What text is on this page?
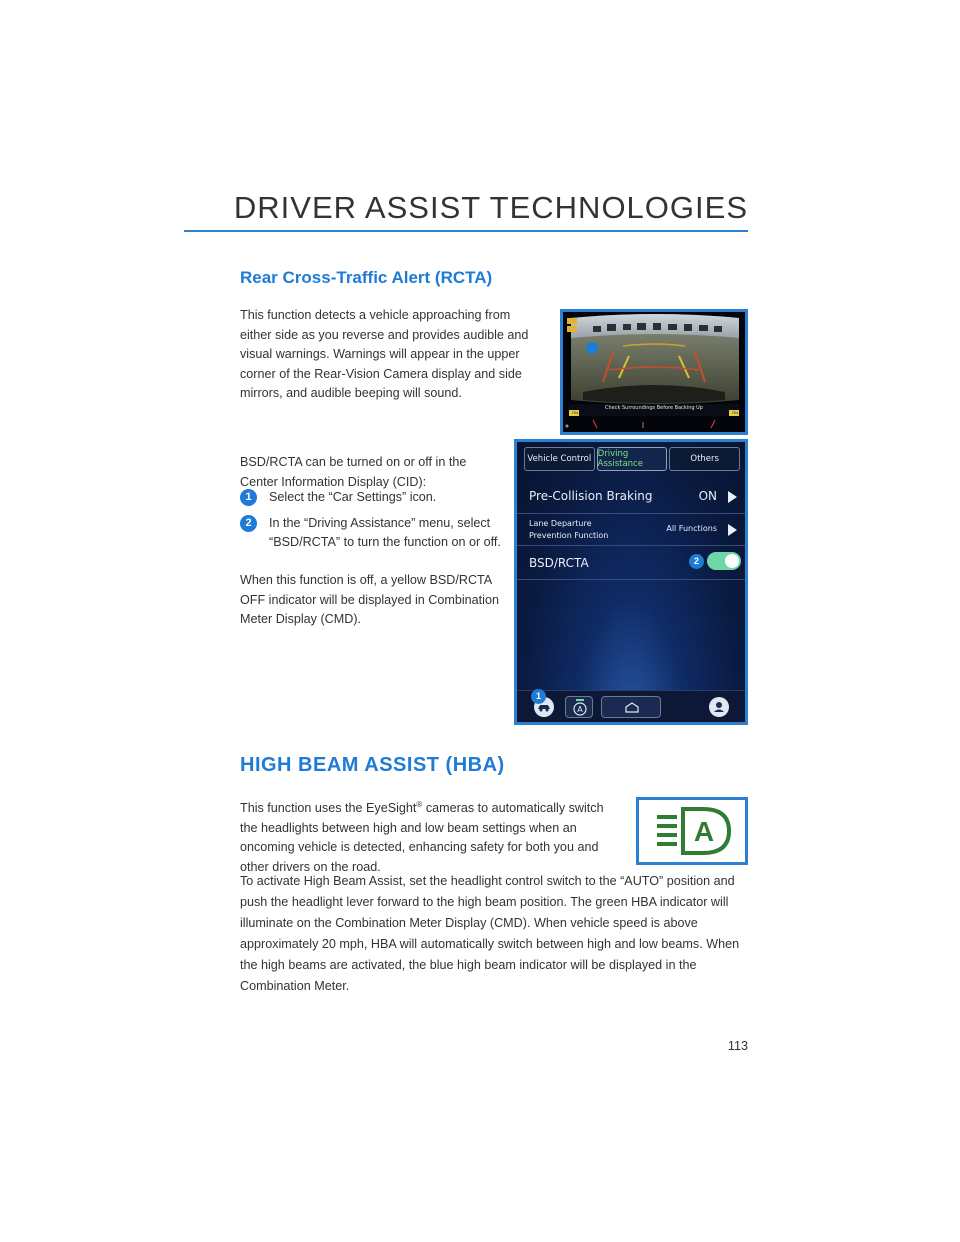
DRIVER ASSIST TECHNOLOGIES
Rear Cross-Traffic Alert (RCTA)

This function detects a vehicle approaching from either side as you reverse and provides audible and visual warnings. Warnings will appear in the upper corner of the Rear-Vision Camera display and side mirrors, and audible beeping will sound.

Check Surroundings Before Backing Up
ON	ON

BSD/RCTA can be turned on or off in the Center Information Display (CID):

1	Select the “Car Settings” icon.
2	In the “Driving Assistance” menu, select “BSD/RCTA” to turn the function on or off.

When this function is off, a yellow BSD/RCTA OFF indicator will be displayed in Combination Meter Display (CMD).

Vehicle Control Driving Assistance	Others
Pre-Collision Braking	ON
Lane Departure
Prevention Function
All Functions
BSD/RCTA	2
A
1
HIGH BEAM ASSIST (HBA)

This function uses the EyeSight® cameras to automatically switch the headlights between high and low beam settings when an oncoming vehicle is detected, enhancing safety for both you and other drivers on the road.

A

To activate High Beam Assist, set the headlight control switch to the “AUTO” position and push the headlight lever forward to the high beam position. The green HBA indicator will illuminate on the Combination Meter Display (CMD). When vehicle speed is above approximately 20 mph, HBA will automatically switch between high and low beams. When the high beams are activated, the blue high beam indicator will be displayed in the Combination Meter.

113
